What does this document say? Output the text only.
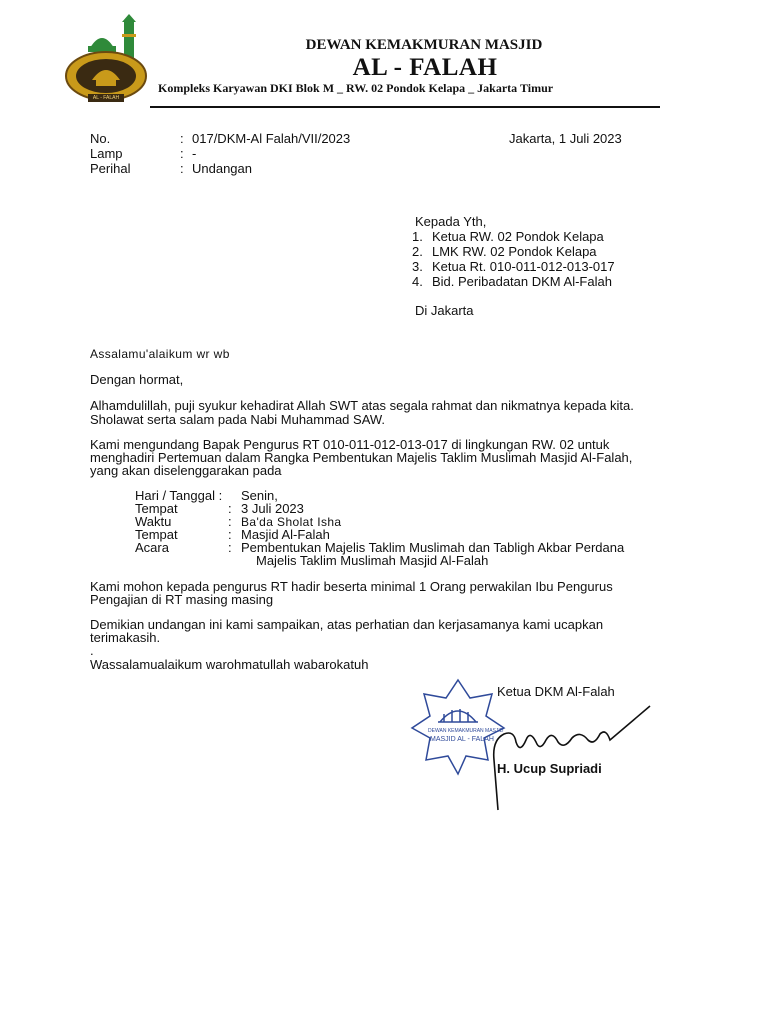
AL - FALAH
DEWAN KEMAKMURAN MASJID
AL - FALAH
Kompleks Karyawan DKI Blok M _ RW. 02 Pondok Kelapa _ Jakarta Timur
No.	: 017/DKM-Al Falah/VII/2023	Jakarta, 1 Juli 2023
Lamp	: -
Perihal	: Undangan
Kepada Yth,
1. Ketua RW. 02 Pondok Kelapa
2. LMK RW. 02 Pondok Kelapa
3. Ketua Rt. 010-011-012-013-017
4. Bid. Peribadatan DKM Al-Falah
Di Jakarta
Assalamu'alaikum wr wb
Dengan hormat,
Alhamdulillah, puji syukur kehadirat Allah SWT atas segala rahmat dan nikmatnya kepada kita.
Sholawat serta salam pada Nabi Muhammad SAW.
Kami mengundang Bapak Pengurus RT 010-011-012-013-017 di lingkungan RW. 02 untuk
menghadiri Pertemuan dalam Rangka Pembentukan Majelis Taklim Muslimah Masjid Al-Falah,
yang akan diselenggarakan pada
Hari / Tanggal : Senin,
Tempat	: 3 Juli 2023
Waktu	: Ba'da Sholat Isha
Tempat	: Masjid Al-Falah
Acara	: Pembentukan Majelis Taklim Muslimah dan Tabligh Akbar Perdana
Majelis Taklim Muslimah Masjid Al-Falah
Kami mohon kepada pengurus RT hadir beserta minimal 1 Orang perwakilan Ibu Pengurus
Pengajian di RT masing masing
Demikian undangan ini kami sampaikan, atas perhatian dan kerjasamanya kami ucapkan
terimakasih.
.
Wassalamualaikum warohmatullah wabarokatuh
DEWAN KEMAKMURAN MASJID
MASJID AL - FALAH
Ketua DKM Al-Falah
H. Ucup Supriadi
